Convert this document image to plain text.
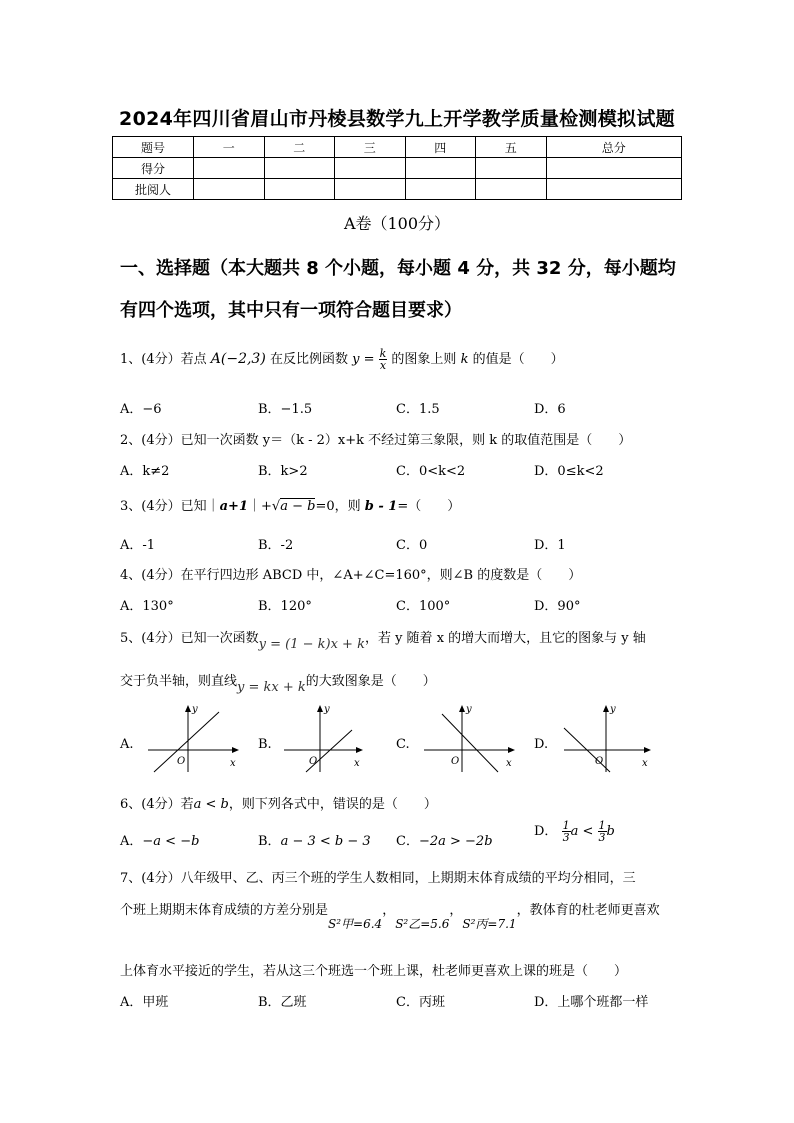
2024年四川省眉山市丹棱县数学九上开学教学质量检测模拟试题
题号	一	二	三	四	五	总分
得分						
批阅人						
A卷（100分）
一、选择题（本大题共 8 个小题，每小题 4 分，共 32 分，每小题均
有四个选项，其中只有一项符合题目要求）
1、(4分）若点 A(−2,3) 在反比例函数 $y = \frac{k}{x}$ 的图象上则 k 的值是（　　）
A．−6	B．−1.5	C．1.5	D．6
2、(4分）已知一次函数 y＝（k - 2）x+k 不经过第三象限，则 k 的取值范围是（　　）
A．k≠2	B．k>2	C．0<k<2	D．0≤k<2
3、(4分）已知｜a+1｜+√a − b=0，则 b - 1=（　　）
A．-1	B．-2	C．0	D．1
4、(4分）在平行四边形 ABCD 中，∠A+∠C=160°，则∠B 的度数是（　　）
A．130°	B．120°	C．100°	D．90°
5、(4分）已知一次函数y = (1 − k)x + k，若 y 随着 x 的增大而增大，且它的图象与 y 轴
交于负半轴，则直线y = kx + k的大致图象是（　　）
A.
y
x
O
B.
y
x
O
C.
y
x
O
D.
y
x
O
6、(4分）若a < b，则下列各式中，错误的是（　　）
A．−a < −b	B．a − 3 < b − 3 C．−2a > −2b
D． $\frac{1}{3}$ $a < \frac{1}{3}$ b
7、(4分）八年级甲、乙、丙三个班的学生人数相同，上期期末体育成绩的平均分相同，三
个班上期期末体育成绩的方差分别是S²甲=6.4，S²乙=5.6，S²丙=7.1，教体育的杜老师更喜欢
上体育水平接近的学生，若从这三个班选一个班上课，杜老师更喜欢上课的班是（　　）
A．甲班	B．乙班	C．丙班	D．上哪个班都一样
